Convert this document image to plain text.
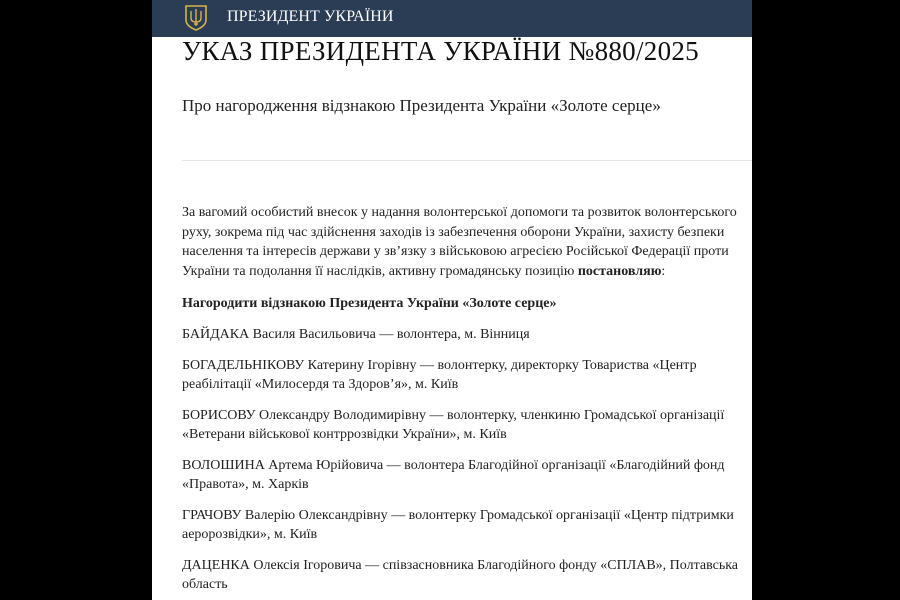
ПРЕЗИДЕНТ УКРАЇНИ
УКАЗ ПРЕЗИДЕНТА УКРАЇНИ №880/2025
Про нагородження відзнакою Президента України «Золоте серце»

За вагомий особистий внесок у надання волонтерської допомоги та розвиток волонтерського руху, зокрема під час здійснення заходів із забезпечення оборони України, захисту безпеки населення та інтересів держави у зв’язку з військовою агресією Російської Федерації проти України та подолання її наслідків, активну громадянську позицію постановляю:

Нагородити відзнакою Президента України «Золоте серце»

БАЙДАКА Василя Васильовича — волонтера, м. Вінниця

БОГАДЕЛЬНІКОВУ Катерину Ігорівну — волонтерку, директорку Товариства «Центр реабілітації «Милосердя та Здоров’я», м. Київ

БОРИСОВУ Олександру Володимирівну — волонтерку, членкиню Громадської організації «Ветерани військової контррозвідки України», м. Київ

ВОЛОШИНА Артема Юрійовича — волонтера Благодійної організації «Благодійний фонд «Правота», м. Харків

ГРАЧОВУ Валерію Олександрівну — волонтерку Громадської організації «Центр підтримки аеророзвідки», м. Київ

ДАЦЕНКА Олексія Ігоровича — співзасновника Благодійного фонду «СПЛАВ», Полтавська область
